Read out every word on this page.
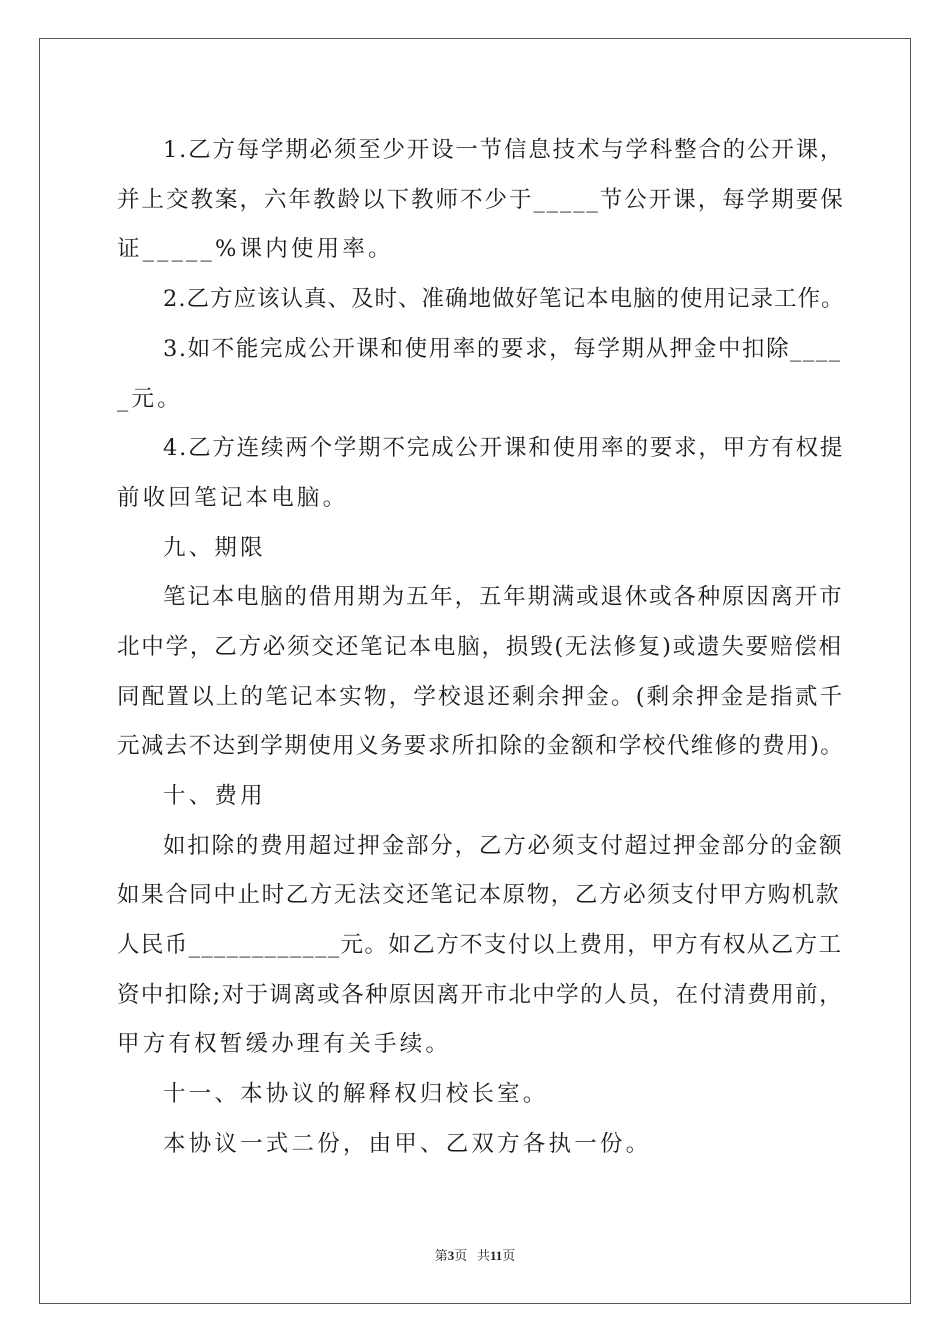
1.乙方每学期必须至少开设一节信息技术与学科整合的公开课，
并上交教案，六年教龄以下教师不少于_____节公开课，每学期要保
证_____%课内使用率。
2.乙方应该认真、及时、准确地做好笔记本电脑的使用记录工作。
3.如不能完成公开课和使用率的要求，每学期从押金中扣除____
_元。
4.乙方连续两个学期不完成公开课和使用率的要求，甲方有权提
前收回笔记本电脑。
九、期限
笔记本电脑的借用期为五年，五年期满或退休或各种原因离开市
北中学，乙方必须交还笔记本电脑，损毁(无法修复)或遗失要赔偿相
同配置以上的笔记本实物，学校退还剩余押金。(剩余押金是指贰千
元减去不达到学期使用义务要求所扣除的金额和学校代维修的费用)。
十、费用
如扣除的费用超过押金部分，乙方必须支付超过押金部分的金额
如果合同中止时乙方无法交还笔记本原物，乙方必须支付甲方购机款
人民币____________元。如乙方不支付以上费用，甲方有权从乙方工
资中扣除;对于调离或各种原因离开市北中学的人员，在付清费用前，
甲方有权暂缓办理有关手续。
十一、本协议的解释权归校长室。
本协议一式二份，由甲、乙双方各执一份。
第3页   共11页
